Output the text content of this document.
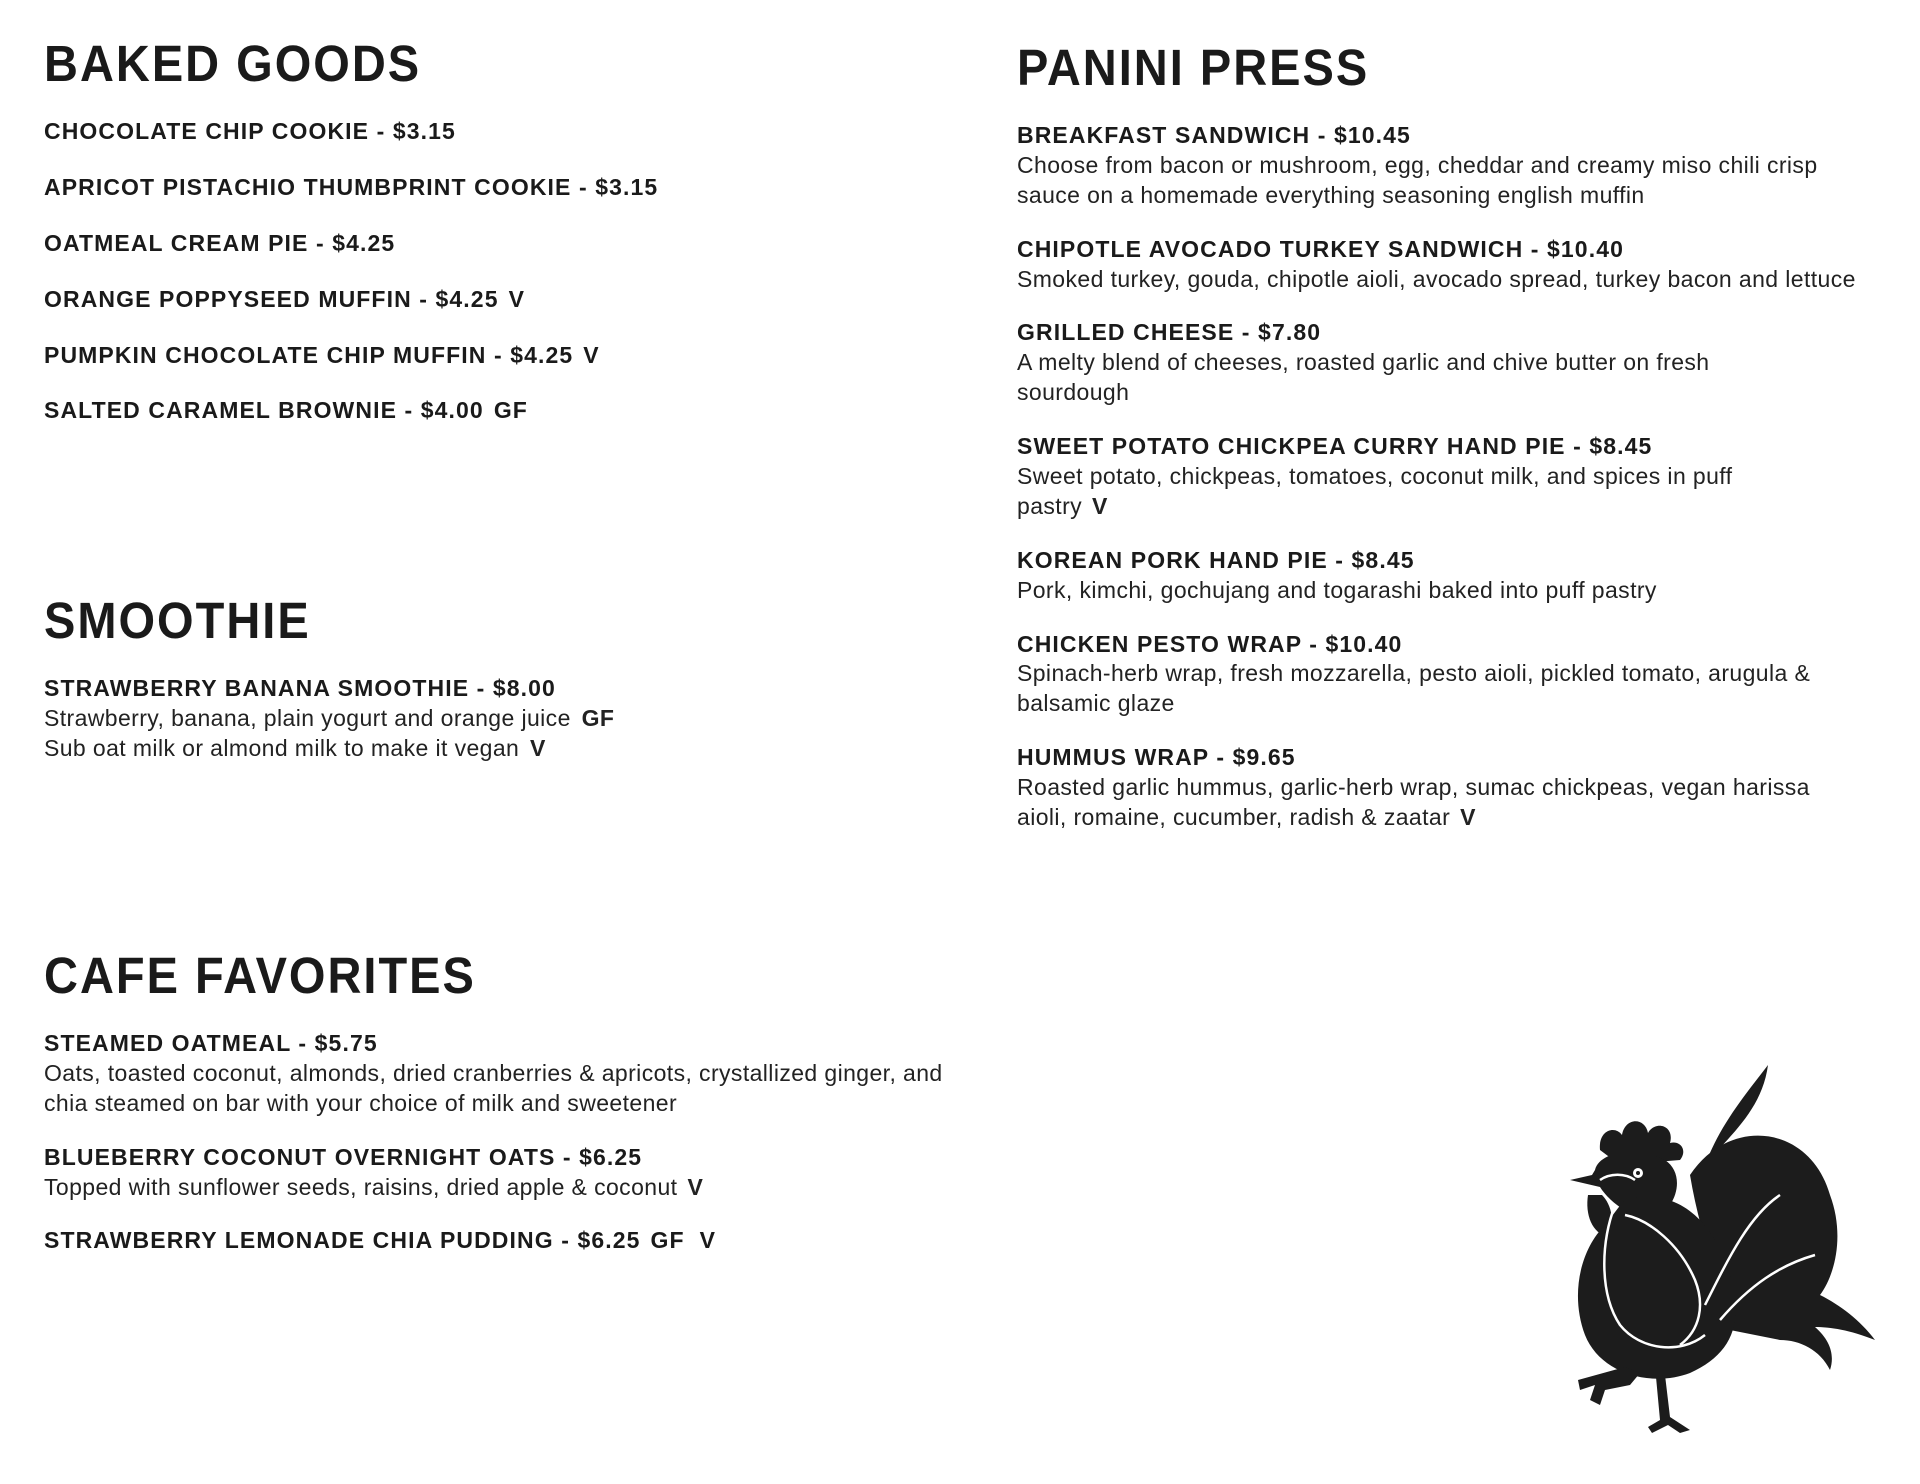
BAKED GOODS
CHOCOLATE CHIP COOKIE - $3.15
APRICOT PISTACHIO THUMBPRINT COOKIE - $3.15
OATMEAL CREAM PIE - $4.25
ORANGE POPPYSEED MUFFIN - $4.25 V
PUMPKIN CHOCOLATE CHIP MUFFIN - $4.25 V
SALTED CARAMEL BROWNIE - $4.00 GF
SMOOTHIE
STRAWBERRY BANANA SMOOTHIE - $8.00
Strawberry, banana, plain yogurt and orange juice GF
Sub oat milk or almond milk to make it vegan V
CAFE FAVORITES
STEAMED OATMEAL - $5.75
Oats, toasted coconut, almonds, dried cranberries & apricots, crystallized ginger, and chia steamed on bar with your choice of milk and sweetener
BLUEBERRY COCONUT OVERNIGHT OATS - $6.25
Topped with sunflower seeds, raisins, dried apple & coconut V
STRAWBERRY LEMONADE CHIA PUDDING - $6.25 GF  V
PANINI PRESS
BREAKFAST SANDWICH - $10.45
Choose from bacon or mushroom, egg, cheddar and creamy miso chili crisp sauce on a homemade everything seasoning english muffin
CHIPOTLE AVOCADO TURKEY SANDWICH - $10.40
Smoked turkey, gouda, chipotle aioli, avocado spread, turkey bacon and lettuce
GRILLED CHEESE - $7.80
A melty blend of cheeses, roasted garlic and chive butter on fresh sourdough
SWEET POTATO CHICKPEA CURRY HAND PIE - $8.45
Sweet potato, chickpeas, tomatoes, coconut milk, and spices in puff pastry V
KOREAN PORK HAND PIE - $8.45
Pork, kimchi, gochujang and togarashi baked into puff pastry
CHICKEN PESTO WRAP - $10.40
Spinach-herb wrap, fresh mozzarella, pesto aioli, pickled tomato, arugula & balsamic glaze
HUMMUS WRAP - $9.65
Roasted garlic hummus, garlic-herb wrap, sumac chickpeas, vegan harissa aioli, romaine, cucumber, radish & zaatar V
